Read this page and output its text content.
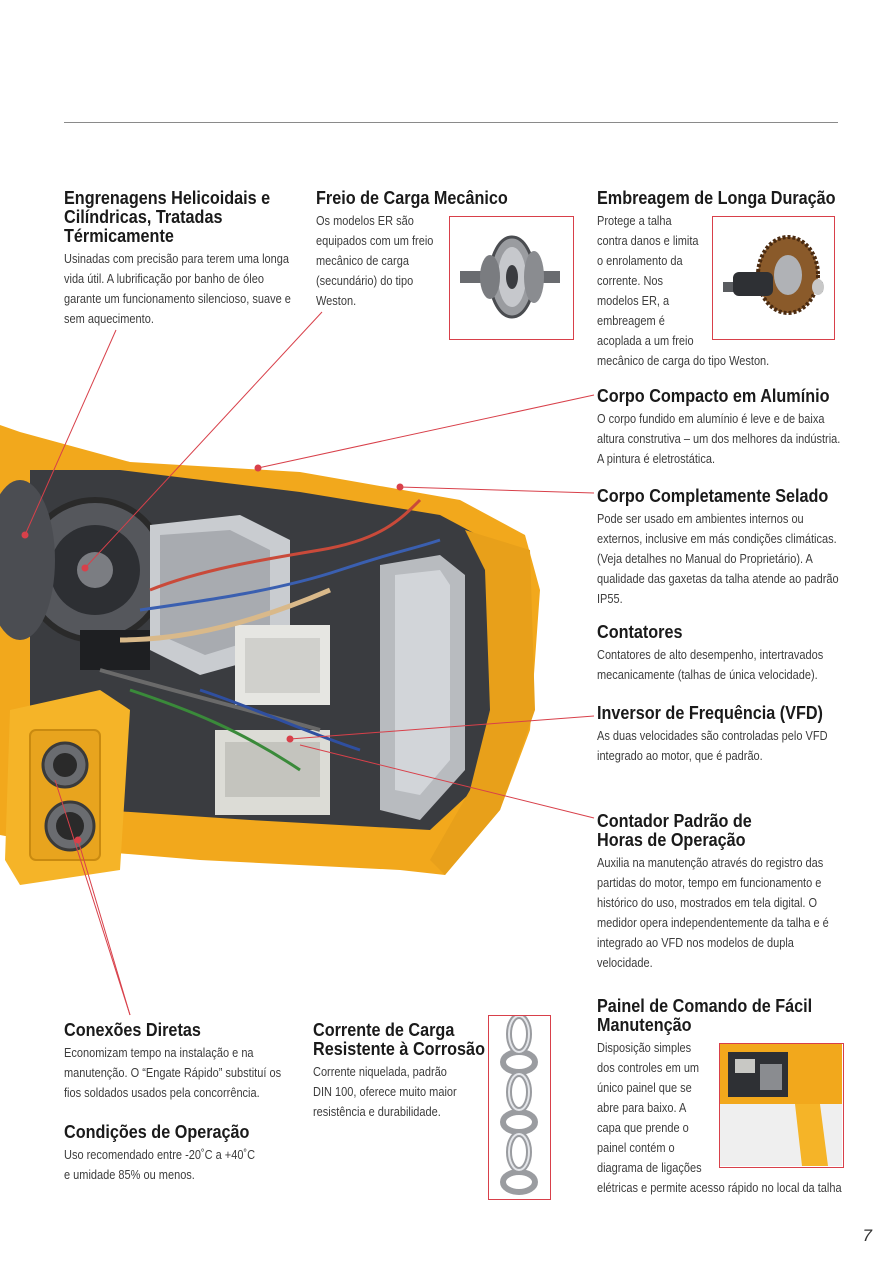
Engrenagens Helicoidais e
Cilíndricas, Tratadas
Térmicamente

Usinadas com precisão para terem uma longa vida útil. A lubrificação por banho de óleo garante um funcionamento silencioso, suave e sem aquecimento.

Freio de Carga Mecânico

Os modelos ER são equipados com um freio mecânico de carga (secundário) do tipo Weston.

Embreagem de Longa Duração

Protege a talha contra danos e limita o enrolamento da corrente. Nos modelos ER, a embreagem é acoplada a um freio

mecânico de carga do tipo Weston.

Corpo Compacto em Alumínio

O corpo fundido em alumínio é leve e de baixa altura construtiva – um dos melhores da indústria. A pintura é eletrostática.

Corpo Completamente Selado

Pode ser usado em ambientes internos ou externos, inclusive em más condições climáticas. (Veja detalhes no Manual do Proprietário). A qualidade das gaxetas da talha atende ao padrão IP55.

Contatores

Contatores de alto desempenho, intertravados mecanicamente (talhas de única velocidade).

Inversor de Frequência (VFD)

As duas velocidades são controladas pelo VFD integrado ao motor, que é padrão.

Contador Padrão de
Horas de Operação

Auxilia na manutenção através do registro das partidas do motor, tempo em funcionamento e histórico do uso, mostrados em tela digital. O medidor opera independentemente da talha e é integrado ao VFD nos modelos de dupla velocidade.

Painel de Comando de Fácil
Manutenção

Disposição simples dos controles em um único painel que se abre para baixo. A capa que prende o painel contém o diagrama de ligações

elétricas e permite acesso rápido no local da talha

Conexões Diretas

Economizam tempo na instalação e na manutenção. O “Engate Rápido” substituí os fios soldados usados pela concorrência.

Condições de Operação

Uso recomendado entre -20˚C a +40˚C

e umidade 85% ou menos.

Corrente de Carga
Resistente à Corrosão

Corrente niquelada, padrão DIN 100, oferece muito maior resistência e durabilidade.

7
